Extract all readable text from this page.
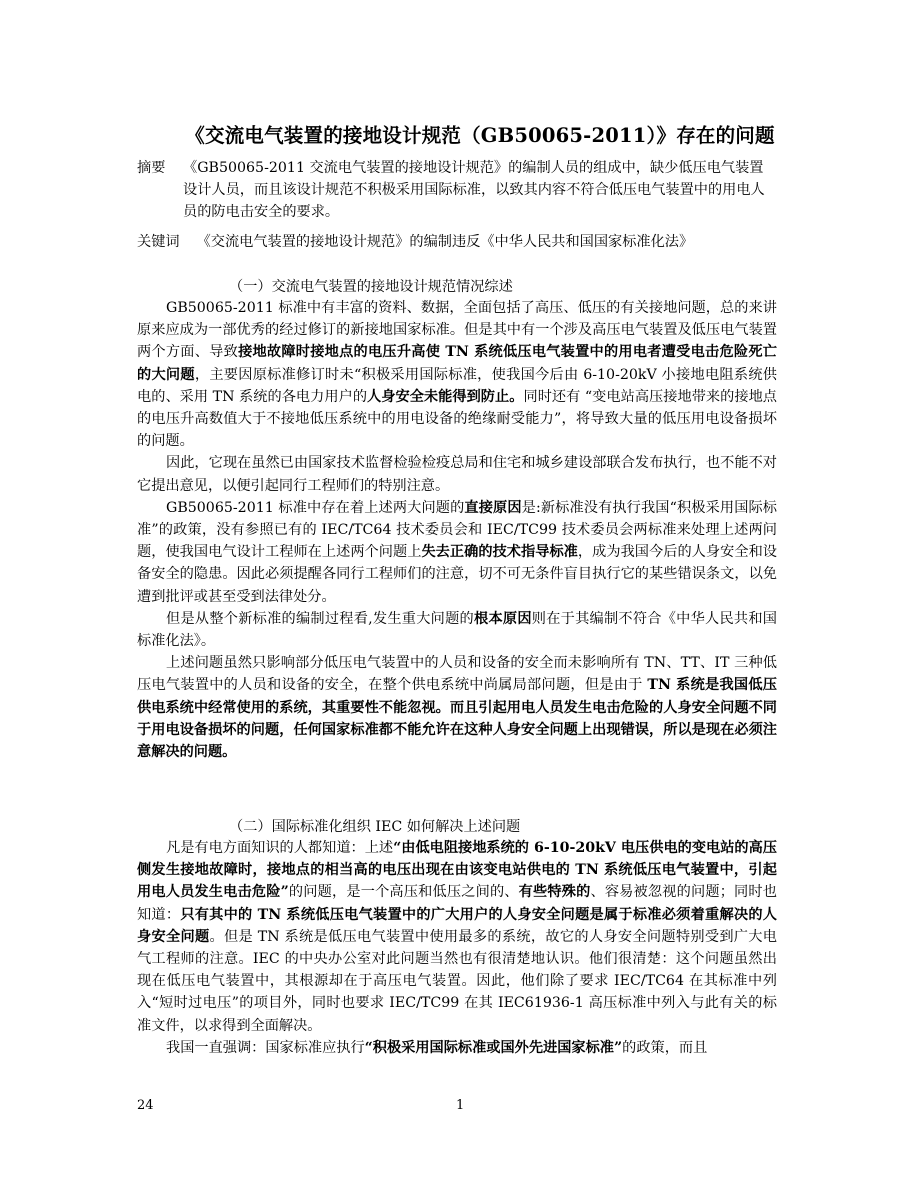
《交流电气装置的接地设计规范（GB50065-2011）》存在的问题
摘要	《GB50065-2011 交流电气装置的接地设计规范》的编制人员的组成中，缺少低压电气装置设计人员，而且该设计规范不积极采用国际标准，以致其内容不符合低压电气装置中的用电人员的防电击安全的要求。
关键词 《交流电气装置的接地设计规范》的编制违反《中华人民共和国国家标准化法》
（一）交流电气装置的接地设计规范情况综述

GB50065-2011 标准中有丰富的资料、数据，全面包括了高压、低压的有关接地问题，总的来讲原来应成为一部优秀的经过修订的新接地国家标准。但是其中有一个涉及高压电气装置及低压电气装置两个方面、导致接地故障时接地点的电压升高使 TN 系统低压电气装置中的用电者遭受电击危险死亡的大问题，主要因原标准修订时未“积极采用国际标准，使我国今后由 6-10-20kV 小接地电阻系统供电的、采用 TN 系统的各电力用户的人身安全未能得到防止。同时还有 “变电站高压接地带来的接地点的电压升高数值大于不接地低压系统中的用电设备的绝缘耐受能力”，将导致大量的低压用电设备损坏的问题。

因此，它现在虽然已由国家技术监督检验检疫总局和住宅和城乡建设部联合发布执行，也不能不对它提出意见，以便引起同行工程师们的特别注意。

GB50065-2011 标准中存在着上述两大问题的直接原因是:新标准没有执行我国“积极采用国际标准”的政策，没有参照已有的 IEC/TC64 技术委员会和 IEC/TC99 技术委员会两标准来处理上述两问题，使我国电气设计工程师在上述两个问题上失去正确的技术指导标准，成为我国今后的人身安全和设备安全的隐患。因此必须提醒各同行工程师们的注意，切不可无条件盲目执行它的某些错误条文，以免遭到批评或甚至受到法律处分。

但是从整个新标准的编制过程看,发生重大问题的根本原因则在于其编制不符合《中华人民共和国标准化法》。

上述问题虽然只影响部分低压电气装置中的人员和设备的安全而未影响所有 TN、TT、IT 三种低压电气装置中的人员和设备的安全，在整个供电系统中尚属局部问题，但是由于 TN 系统是我国低压供电系统中经常使用的系统，其重要性不能忽视。而且引起用电人员发生电击危险的人身安全问题不同于用电设备损坏的问题，任何国家标准都不能允许在这种人身安全问题上出现错误，所以是现在必须注意解决的问题。

（二）国际标准化组织 IEC 如何解决上述问题

凡是有电方面知识的人都知道：上述“由低电阻接地系统的 6-10-20kV 电压供电的变电站的高压侧发生接地故障时，接地点的相当高的电压出现在由该变电站供电的 TN 系统低压电气装置中，引起用电人员发生电击危险”的问题，是一个高压和低压之间的、有些特殊的、容易被忽视的问题；同时也知道：只有其中的 TN 系统低压电气装置中的广大用户的人身安全问题是属于标准必须着重解决的人身安全问题。但是 TN 系统是低压电气装置中使用最多的系统，故它的人身安全问题特别受到广大电气工程师的注意。IEC 的中央办公室对此问题当然也有很清楚地认识。他们很清楚：这个问题虽然出现在低压电气装置中，其根源却在于高压电气装置。因此，他们除了要求 IEC/TC64 在其标准中列入“短时过电压”的项目外，同时也要求 IEC/TC99 在其 IEC61936-1 高压标准中列入与此有关的标准文件，以求得到全面解决。

我国一直强调：国家标准应执行“积极采用国际标准或国外先进国家标准”的政策，而且

24	1
